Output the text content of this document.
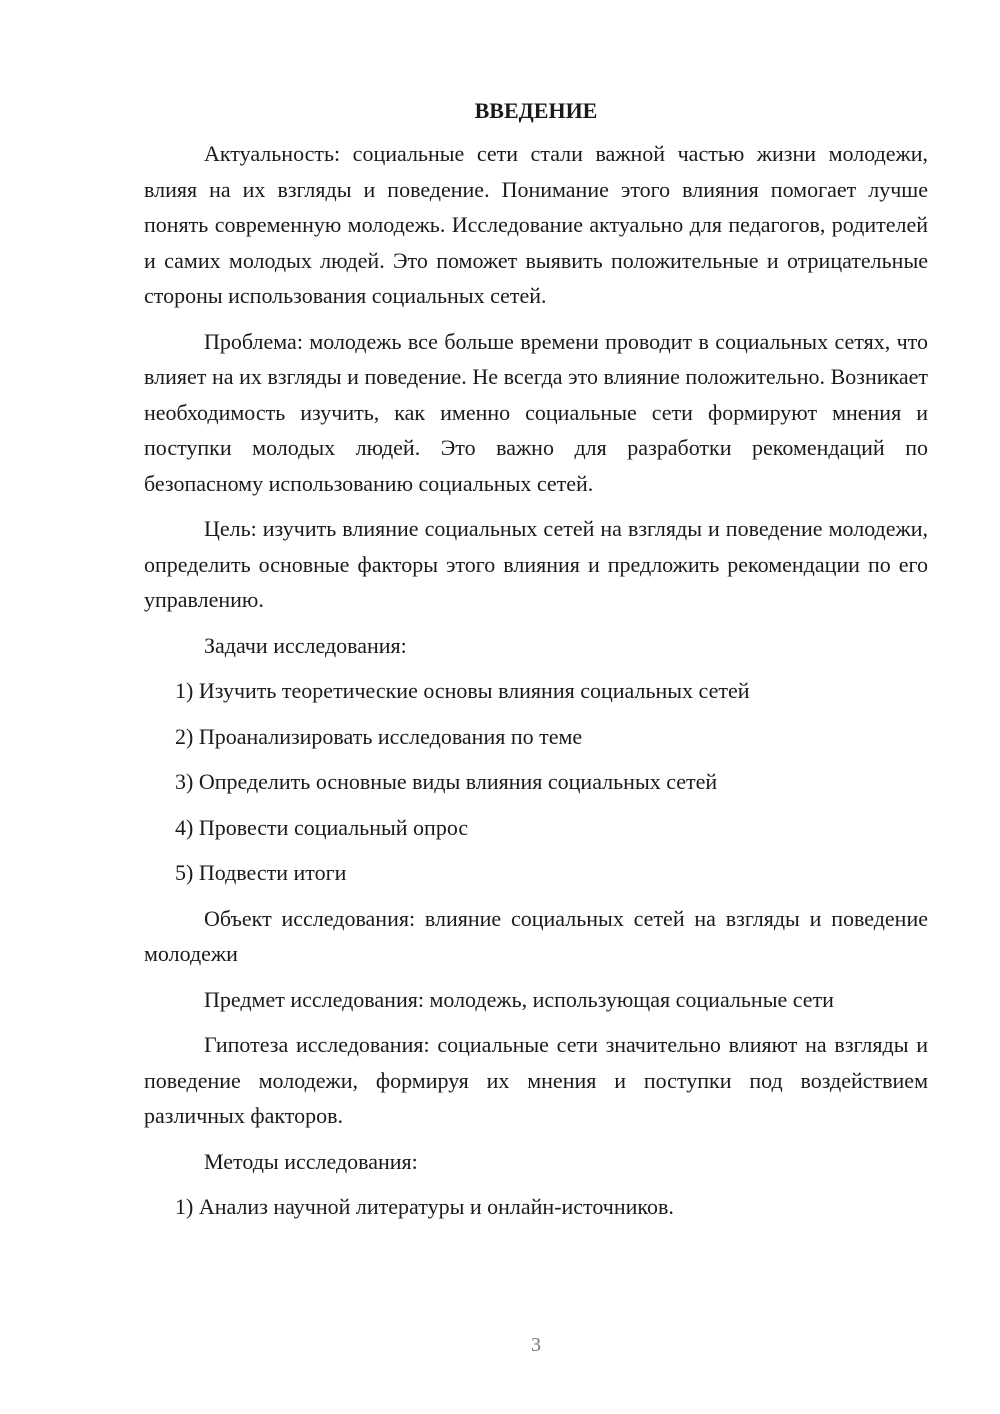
ВВЕДЕНИЕ

Актуальность: социальные сети стали важной частью жизни молодежи, влияя на их взгляды и поведение. Понимание этого влияния помогает лучше понять современную молодежь. Исследование актуально для педагогов, родителей и самих молодых людей. Это поможет выявить положительные и отрицательные стороны использования социальных сетей.

Проблема: молодежь все больше времени проводит в социальных сетях, что влияет на их взгляды и поведение. Не всегда это влияние положительно. Возникает необходимость изучить, как именно социальные сети формируют мнения и поступки молодых людей. Это важно для разработки рекомендаций по безопасному использованию социальных сетей.

Цель: изучить влияние социальных сетей на взгляды и поведение молодежи, определить основные факторы этого влияния и предложить рекомендации по его управлению.

Задачи исследования:

1) Изучить теоретические основы влияния социальных сетей

2) Проанализировать исследования по теме

3) Определить основные виды влияния социальных сетей

4) Провести социальный опрос

5) Подвести итоги

Объект исследования: влияние социальных сетей на взгляды и поведение молодежи

Предмет исследования: молодежь, использующая социальные сети

Гипотеза исследования: социальные сети значительно влияют на взгляды и поведение молодежи, формируя их мнения и поступки под воздействием различных факторов.

Методы исследования:

1) Анализ научной литературы и онлайн-источников.

3
